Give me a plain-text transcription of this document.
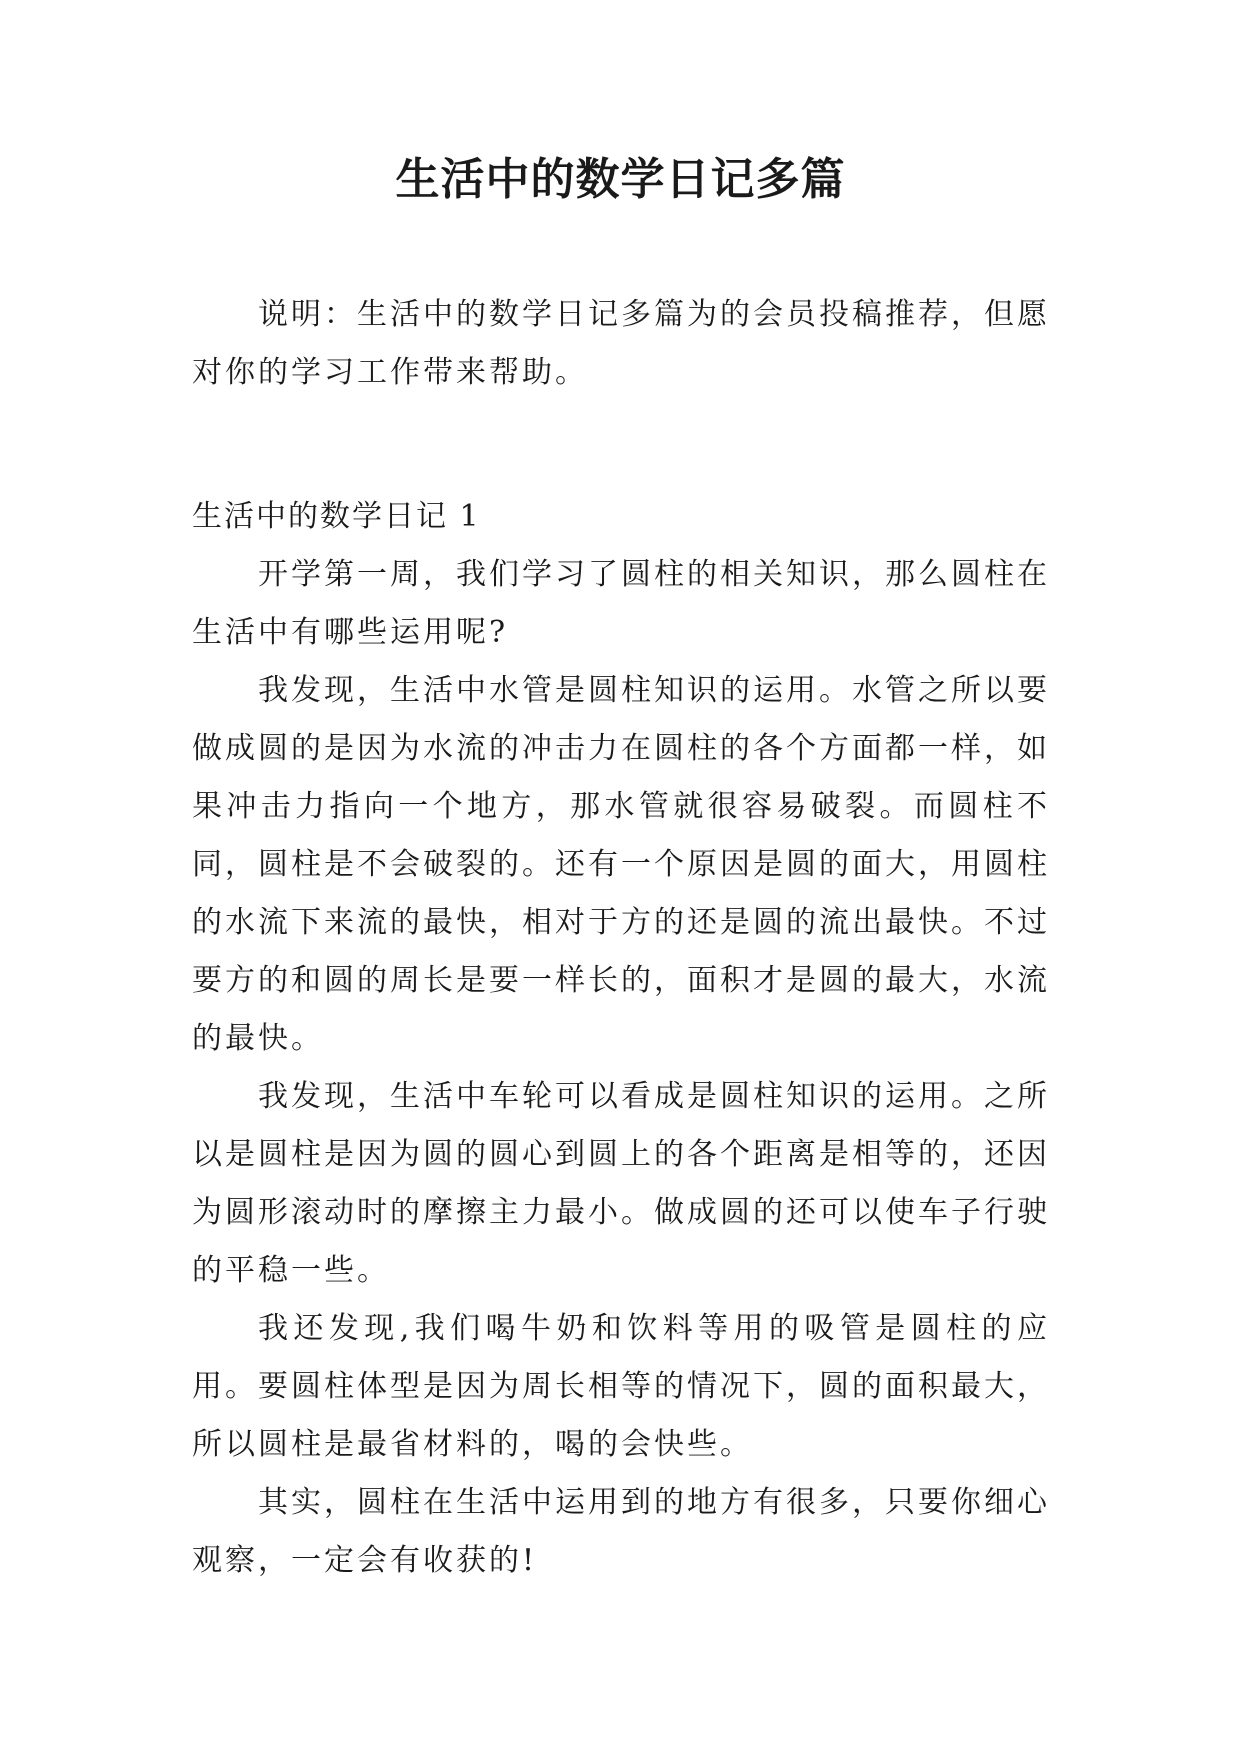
生活中的数学日记多篇

说明：生活中的数学日记多篇为的会员投稿推荐，但愿对你的学习工作带来帮助。

生活中的数学日记 1

开学第一周，我们学习了圆柱的相关知识，那么圆柱在生活中有哪些运用呢?

我发现，生活中水管是圆柱知识的运用。水管之所以要做成圆的是因为水流的冲击力在圆柱的各个方面都一样，如果冲击力指向一个地方，那水管就很容易破裂。而圆柱不同，圆柱是不会破裂的。还有一个原因是圆的面大，用圆柱的水流下来流的最快，相对于方的还是圆的流出最快。不过要方的和圆的周长是要一样长的，面积才是圆的最大，水流的最快。

我发现，生活中车轮可以看成是圆柱知识的运用。之所以是圆柱是因为圆的圆心到圆上的各个距离是相等的，还因为圆形滚动时的摩擦主力最小。做成圆的还可以使车子行驶的平稳一些。

我还发现,我们喝牛奶和饮料等用的吸管是圆柱的应用。要圆柱体型是因为周长相等的情况下，圆的面积最大，所以圆柱是最省材料的，喝的会快些。

其实，圆柱在生活中运用到的地方有很多，只要你细心观察，一定会有收获的!
